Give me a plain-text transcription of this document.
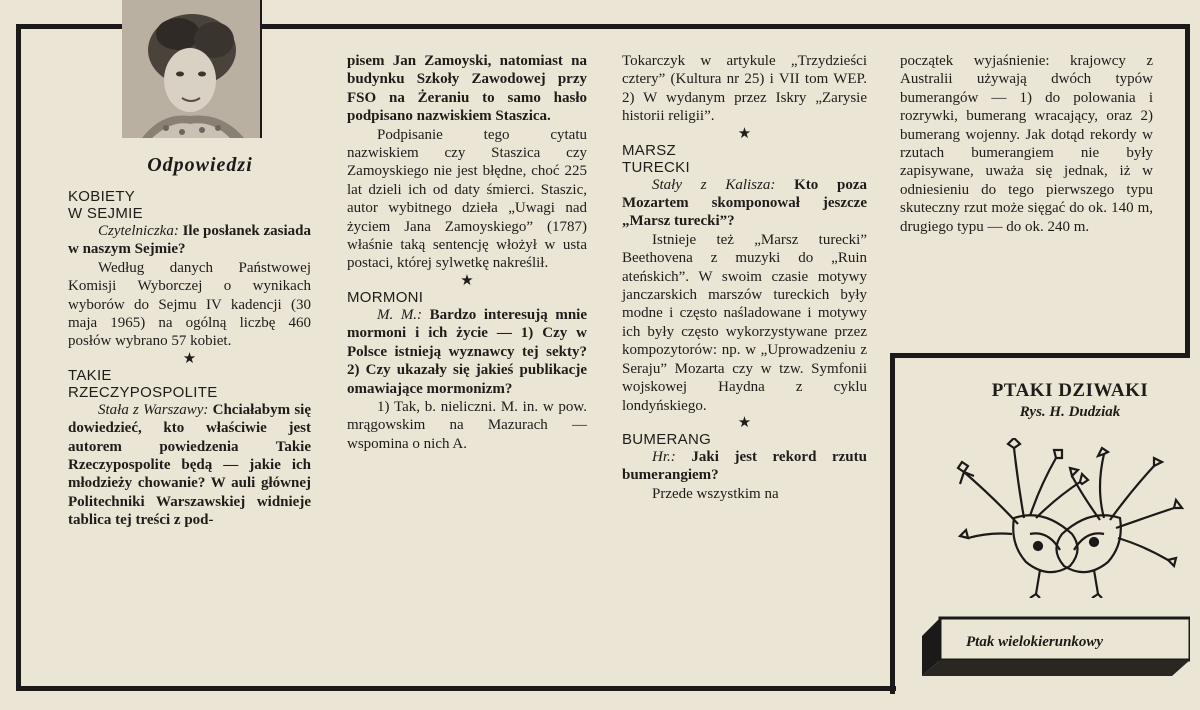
Odpowiedzi

KOBIETY

W SEJMIE

Czytelniczka: Ile posłanek zasiada w naszym Sejmie?

Według danych Państwowej Komisji Wyborczej o wynikach wyborów do Sejmu IV kadencji (30 maja 1965) na ogólną liczbę 460 posłów wybrano 57 kobiet.

★

TAKIE

RZECZYPOSPOLITE

Stała z Warszawy: Chciałabym się dowiedzieć, kto właściwie jest autorem powiedzenia Takie Rzeczypospolite będą — jakie ich młodzieży chowanie? W auli głównej Politechniki Warszawskiej widnieje tablica tej treści z pod-

pisem Jan Zamoyski, natomiast na budynku Szkoły Zawodowej przy FSO na Żeraniu to samo hasło podpisano nazwiskiem Staszica.

Podpisanie tego cytatu nazwiskiem czy Staszica czy Zamoyskiego nie jest błędne, choć 225 lat dzieli ich od daty śmierci. Staszic, autor wybitnego dzieła „Uwagi nad życiem Jana Zamoyskiego” (1787) właśnie taką sentencję włożył w usta postaci, której sylwetkę nakreślił.

★

MORMONI

M. M.: Bardzo interesują mnie mormoni i ich życie — 1) Czy w Polsce istnieją wyznawcy tej sekty? 2) Czy ukazały się jakieś publikacje omawiające mormonizm?

1) Tak, b. nieliczni. M. in. w pow. mrągowskim na Mazurach — wspomina o nich A.

Tokarczyk w artykule „Trzydzieści cztery” (Kultura nr 25) i VII tom WEP. 2) W wydanym przez Iskry „Zarysie historii religii”.

★

MARSZ

TURECKI

Stały z Kalisza: Kto poza Mozartem skomponował jeszcze „Marsz turecki”?

Istnieje też „Marsz turecki” Beethovena z muzyki do „Ruin ateńskich”. W swoim czasie motywy janczarskich marszów tureckich były modne i często naśladowane i motywy ich były często wykorzystywane przez kompozytorów: np. w „Uprowadzeniu z Seraju” Mozarta czy w tzw. Symfonii wojskowej Haydna z cyklu londyńskiego.

★

BUMERANG

Hr.: Jaki jest rekord rzutu bumerangiem?

Przede wszystkim na

początek wyjaśnienie: krajowcy z Australii używają dwóch typów bumerangów — 1) do polowania i rozrywki, bumerang wracający, oraz 2) bumerang wojenny. Jak dotąd rekordy w rzutach bumerangiem nie były zapisywane, uważa się jednak, iż w odniesieniu do tego pierwszego typu skuteczny rzut może sięgać do ok. 140 m, drugiego typu — do ok. 240 m.

PTAKI DZIWAKI
Rys. H. Dudziak
Ptak wielokierunkowy
